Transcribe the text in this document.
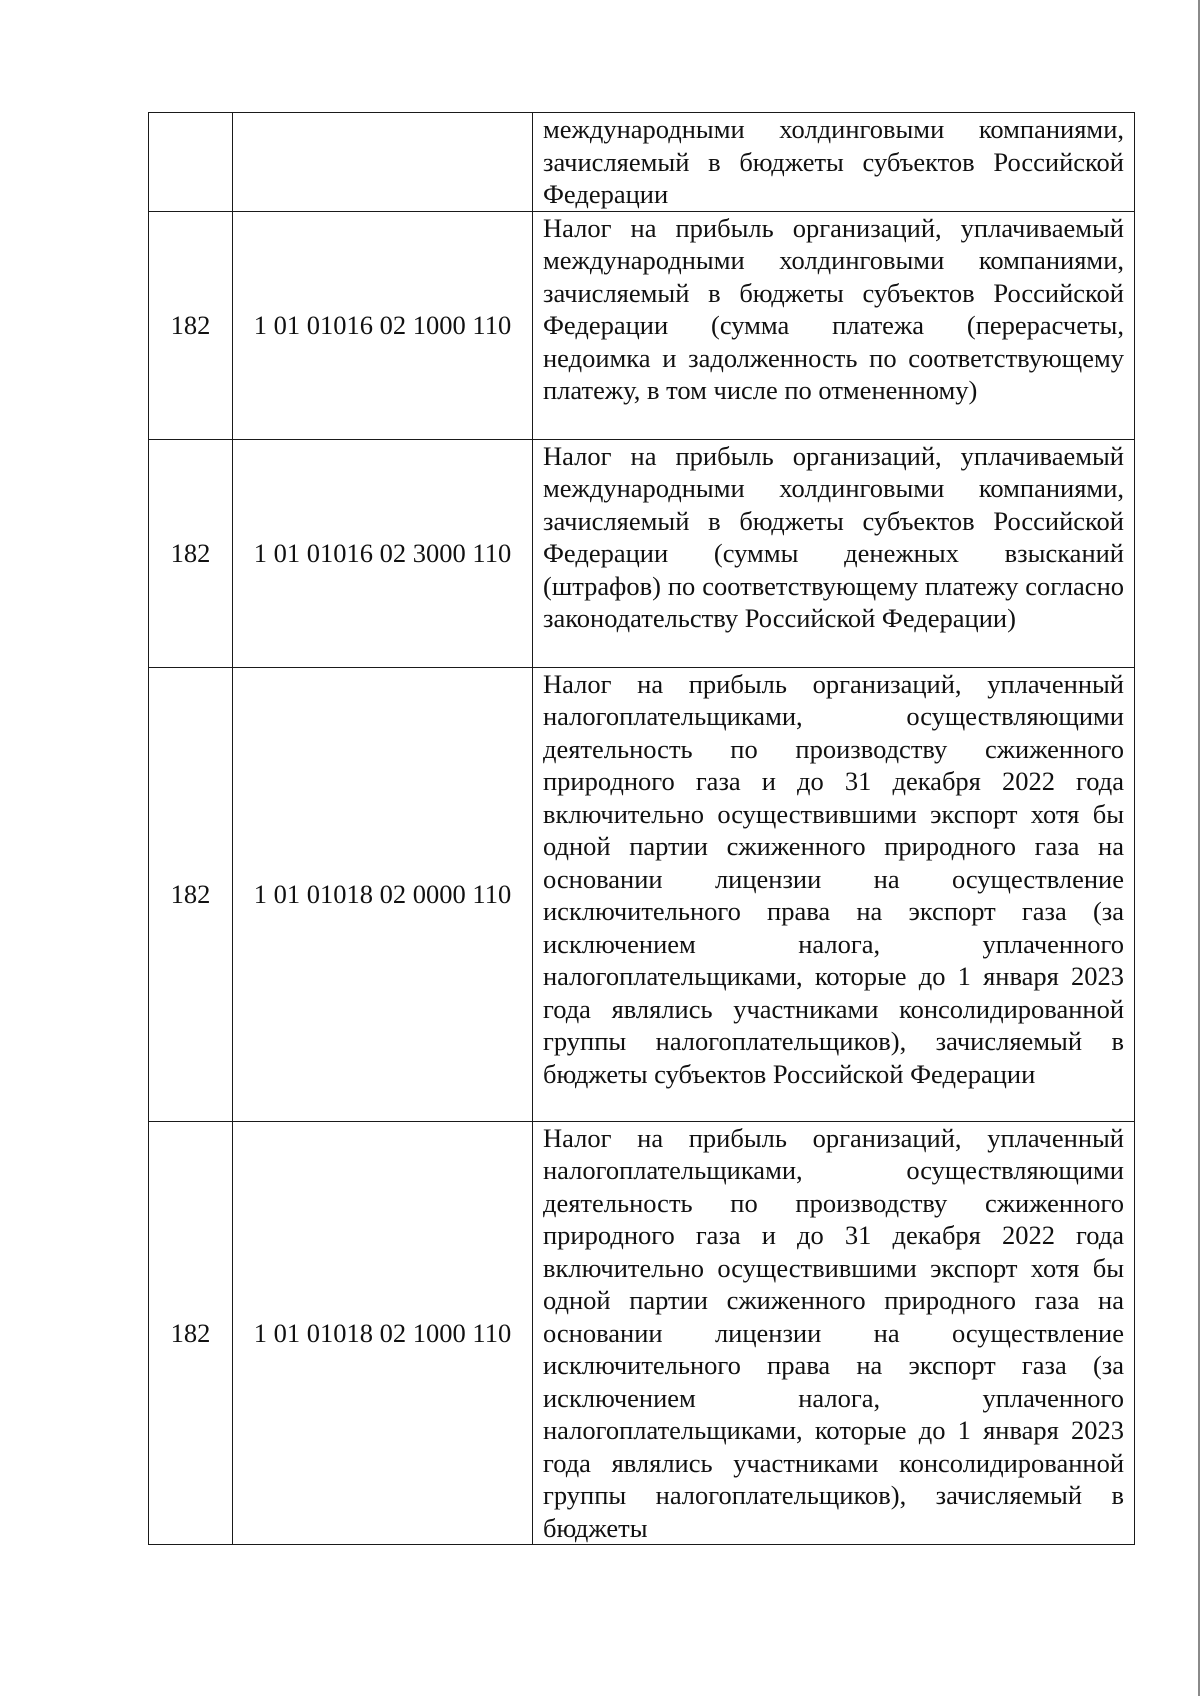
		международными холдинговыми компаниями, зачисляемый в бюджеты субъектов Российской Федерации
182	1 01 01016 02 1000 110	Налог на прибыль организаций, уплачиваемый международными холдинговыми компаниями, зачисляемый в бюджеты субъектов Российской Федерации (сумма платежа (перерасчеты, недоимка и задолженность по соответствующему платежу, в том числе по отмененному)
182	1 01 01016 02 3000 110	Налог на прибыль организаций, уплачиваемый международными холдинговыми компаниями, зачисляемый в бюджеты субъектов Российской Федерации (суммы денежных взысканий (штрафов) по соответствующему платежу согласно законодательству Российской Федерации)
182	1 01 01018 02 0000 110	Налог на прибыль организаций, уплаченный налогоплательщиками, осуществляющими деятельность по производству сжиженного природного газа и до 31 декабря 2022 года включительно осуществившими экспорт хотя бы одной партии сжиженного природного газа на основании лицензии на осуществление исключительного права на экспорт газа (за исключением налога, уплаченного налогоплательщиками, которые до 1 января 2023 года являлись участниками консолидированной группы налогоплательщиков), зачисляемый в бюджеты субъектов Российской Федерации
182	1 01 01018 02 1000 110	Налог на прибыль организаций, уплаченный налогоплательщиками, осуществляющими деятельность по производству сжиженного природного газа и до 31 декабря 2022 года включительно осуществившими экспорт хотя бы одной партии сжиженного природного газа на основании лицензии на осуществление исключительного права на экспорт газа (за исключением налога, уплаченного налогоплательщиками, которые до 1 января 2023 года являлись участниками консолидированной группы налогоплательщиков), зачисляемый в бюджеты
